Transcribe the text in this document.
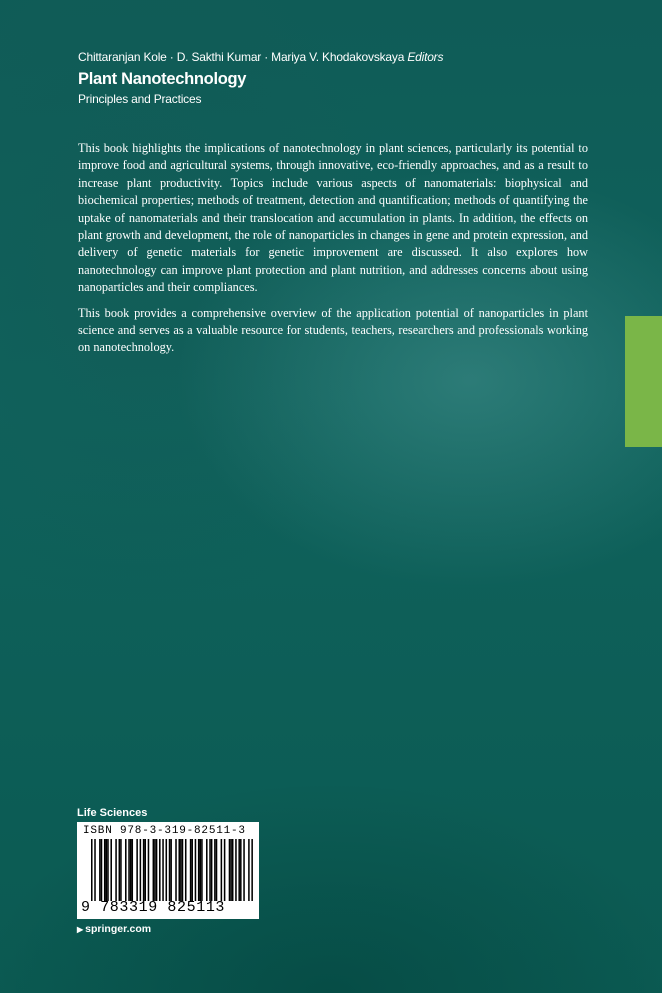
Chittaranjan Kole · D. Sakthi Kumar · Mariya V. Khodakovskaya Editors
Plant Nanotechnology
Principles and Practices

This book highlights the implications of nanotechnology in plant sciences, particularly its potential to improve food and agricultural systems, through innovative, eco-friendly approaches, and as a result to increase plant productivity. Topics include various aspects of nanomaterials: biophysical and biochemical properties; methods of treatment, detection and quantification; methods of quantifying the uptake of nanomaterials and their translocation and accumulation in plants. In addition, the effects on plant growth and development, the role of nanoparticles in changes in gene and protein expression, and delivery of genetic materials for genetic improvement are discussed. It also explores how nanotechnology can improve plant protection and plant nutrition, and addresses concerns about using nanoparticles and their compliances.

This book provides a comprehensive overview of the application potential of nanoparticles in plant science and serves as a valuable resource for students, teachers, researchers and professionals working on nanotechnology.

Life Sciences
ISBN 978-3-319-82511-3
9 783319 825113
▶ springer.com
